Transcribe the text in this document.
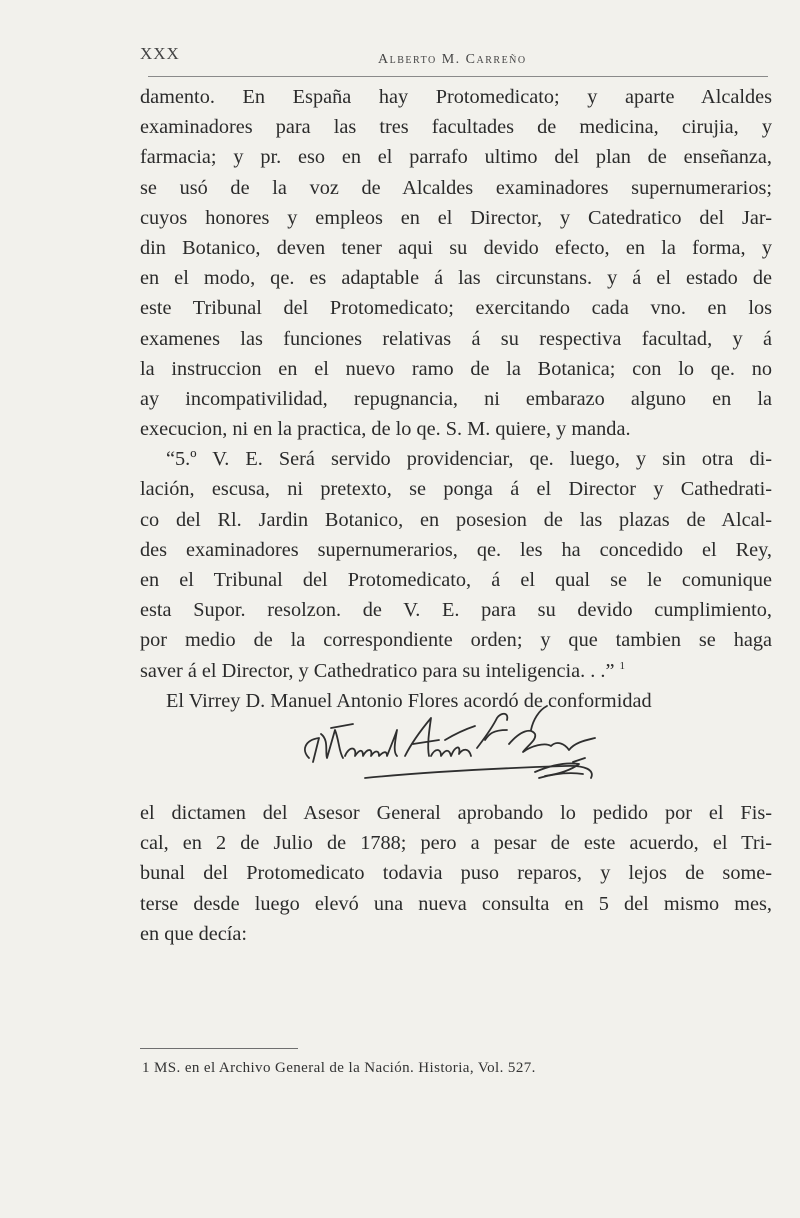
XXX	Alberto M. Carreño
damento. En España hay Protomedicato; y aparte Alcaldes
examinadores para las tres facultades de medicina, cirujia, y
farmacia; y pr. eso en el parrafo ultimo del plan de enseñanza,
se usó de la voz de Alcaldes examinadores supernumerarios;
cuyos honores y empleos en el Director, y Catedratico del Jar-
din Botanico, deven tener aqui su devido efecto, en la forma, y
en el modo, qe. es adaptable á las circunstans. y á el estado de
este Tribunal del Protomedicato; exercitando cada vno. en los
examenes las funciones relativas á su respectiva facultad, y á
la instruccion en el nuevo ramo de la Botanica; con lo qe. no
ay incompativilidad, repugnancia, ni embarazo alguno en la
execucion, ni en la practica, de lo qe. S. M. quiere, y manda.
“5.º V. E. Será servido providenciar, qe. luego, y sin otra di-
lación, escusa, ni pretexto, se ponga á el Director y Cathedrati-
co del Rl. Jardin Botanico, en posesion de las plazas de Alcal-
des examinadores supernumerarios, qe. les ha concedido el Rey,
en el Tribunal del Protomedicato, á el qual se le comunique
esta Supor. resolzon. de V. E. para su devido cumplimiento,
por medio de la correspondiente orden; y que tambien se haga
saver á el Director, y Cathedratico para su inteligencia. . .” $^1$
El Virrey D. Manuel Antonio Flores acordó de conformidad
el dictamen del Asesor General aprobando lo pedido por el Fis-
cal, en 2 de Julio de 1788; pero a pesar de este acuerdo, el Tri-
bunal del Protomedicato todavia puso reparos, y lejos de some-
terse desde luego elevó una nueva consulta en 5 del mismo mes,
en que decía:
1 MS. en el Archivo General de la Nación. Historia, Vol. 527.
